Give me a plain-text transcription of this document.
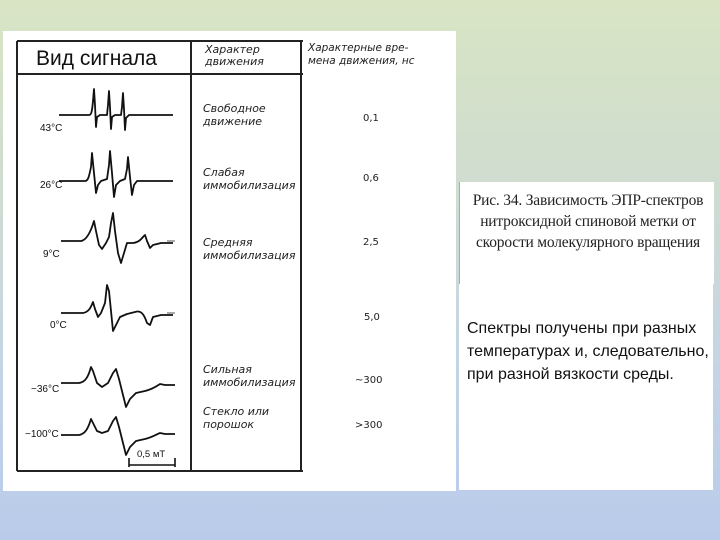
Вид сигнала	Характер
движения
Характерные вре-
мена движения, нс
43°С
26°С
9°С
0°С
−36°С
−100°С
Свободное
движение
Слабая
иммобилизация
Средняя
иммобилизация
Сильная
иммобилизация
Стекло или
порошок
0,1
0,6
2,5
5,0
~300
>300
0,5 мТ
Рис. 34. Зависимость ЭПР-спектров нитроксидной спиновой метки от скорости молекулярного вращения
Спектры получены при разных температурах и, следовательно, при разной вязкости среды.
